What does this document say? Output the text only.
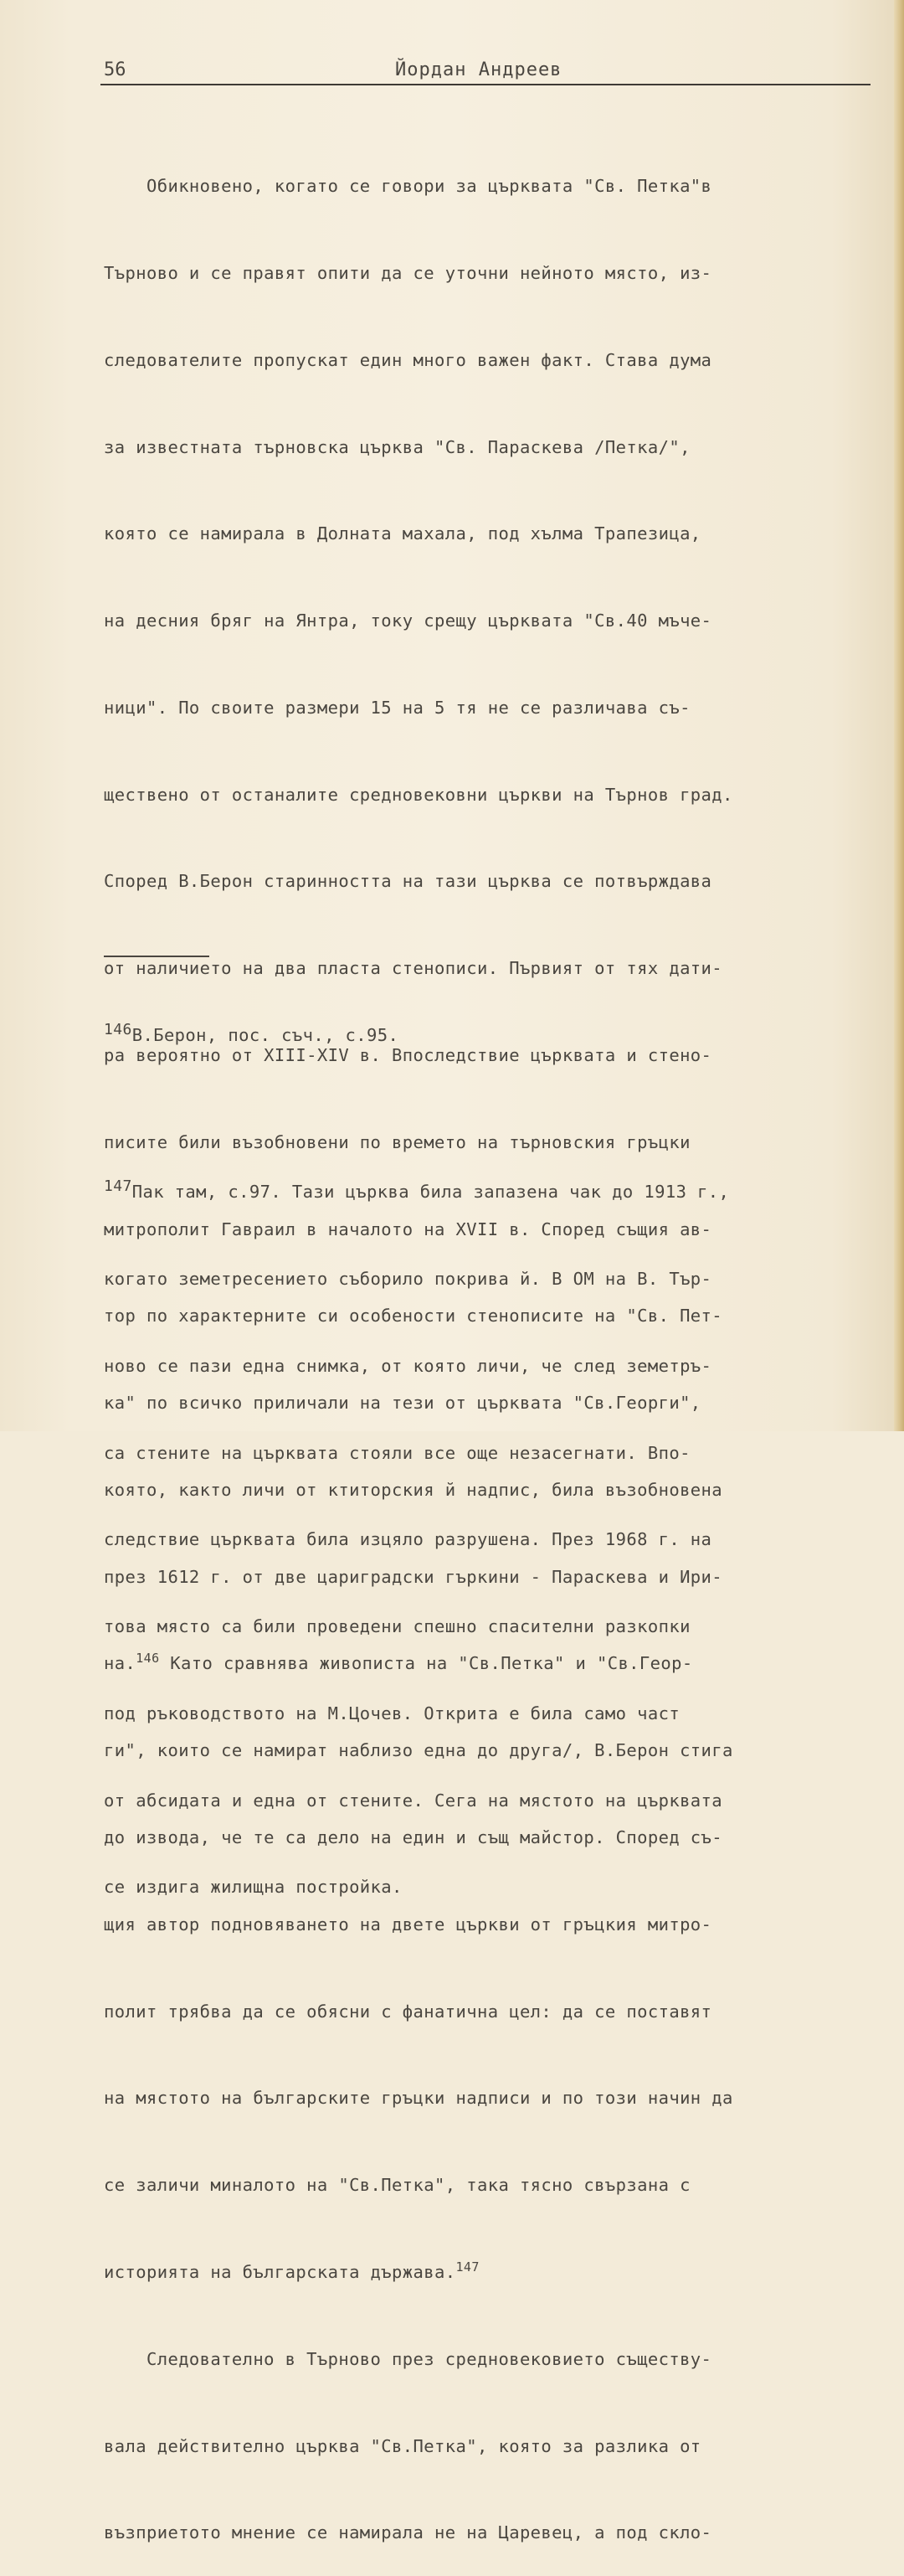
56	Йордан Андреев

Обикновено, когато се говори за църквата "Св. Петка"в

Търново и се правят опити да се уточни нейното място, из-

следователите пропускат един много важен факт. Става дума

за известната търновска църква "Св. Параскева /Петка/",

която се намирала в Долната махала, под хълма Трапезица,

на десния бряг на Янтра, току срещу църквата "Св.40 мъче-

ници". По своите размери 15 на 5 тя не се различава съ-

ществено от останалите средновековни църкви на Търнов град.

Според В.Берон старинността на тази църква се потвърждава

от наличието на два пласта стенописи. Първият от тях дати-

ра вероятно от XIII-XIV в. Впоследствие църквата и стено-

писите били възобновени по времето на търновския гръцки

митрополит Гавраил в началото на XVII в. Според същия ав-

тор по характерните си особености стенописите на "Св. Пет-

ка" по всичко приличали на тези от църквата "Св.Георги",

която, както личи от ктиторския й надпис, била възобновена

през 1612 г. от две цариградски гъркини - Параскева и Ири-

на.$^{146}$ Като сравнява живописта на "Св.Петка" и "Св.Геор-

ги", които се намират наблизо една до друга/, В.Берон стига

до извода, че те са дело на един и същ майстор. Според съ-

щия автор подновяването на двете църкви от гръцкия митро-

полит трябва да се обясни с фанатична цел: да се поставят

на мястото на българските гръцки надписи и по този начин да

се заличи миналото на "Св.Петка", така тясно свързана с

историята на българската държава.$^{147}$

Следователно в Търново през средновековието съществу-

вала действително църква "Св.Петка", която за разлика от

възприетото мнение се намирала не на Царевец, а под скло-

$^{146}$В.Берон, пос. съч., с.95.

$^{147}$Пак там, с.97. Тази църква била запазена чак до 1913 г.,

когато земетресението съборило покрива й. В ОМ на В. Тър-

ново се пази една снимка, от която личи, че след земетръ-

са стените на църквата стояли все още незасегнати. Впо-

следствие църквата била изцяло разрушена. През 1968 г. на

това място са били проведени спешно спасителни разкопки

под ръководството на М.Цочев. Открита е била само част

от абсидата и една от стените. Сега на мястото на църквата

се издига жилищна постройка.
